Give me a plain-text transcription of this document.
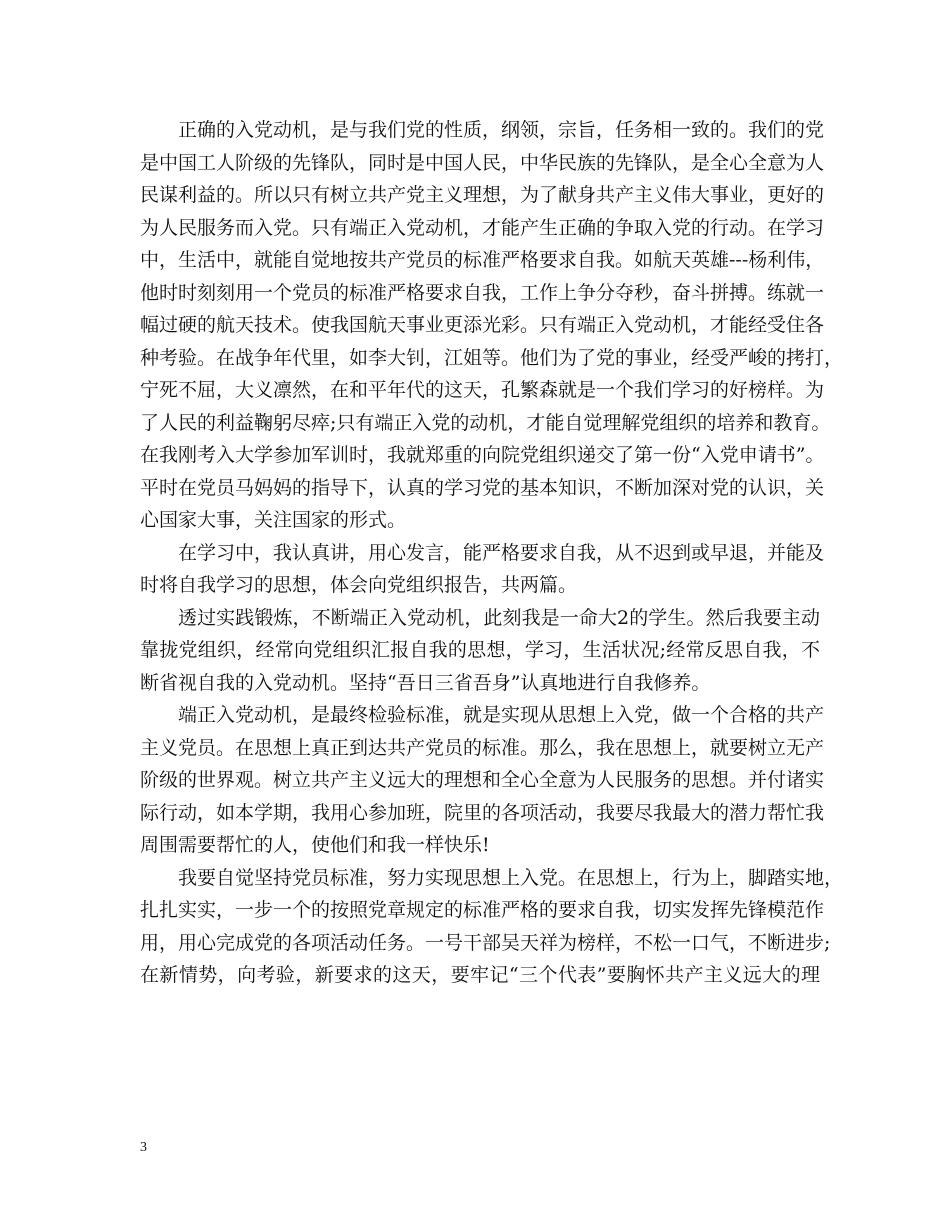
正确的入党动机，是与我们党的性质，纲领，宗旨，任务相一致的。我们的党
是中国工人阶级的先锋队，同时是中国人民，中华民族的先锋队，是全心全意为人
民谋利益的。所以只有树立共产党主义理想，为了献身共产主义伟大事业，更好的
为人民服务而入党。只有端正入党动机，才能产生正确的争取入党的行动。在学习
中，生活中，就能自觉地按共产党员的标准严格要求自我。如航天英雄---杨利伟，
他时时刻刻用一个党员的标准严格要求自我，工作上争分夺秒，奋斗拼搏。练就一
幅过硬的航天技术。使我国航天事业更添光彩。只有端正入党动机，才能经受住各
种考验。在战争年代里，如李大钊，江姐等。他们为了党的事业，经受严峻的拷打，
宁死不屈，大义凛然，在和平年代的这天，孔繁森就是一个我们学习的好榜样。为
了人民的利益鞠躬尽瘁;只有端正入党的动机，才能自觉理解党组织的培养和教育。
在我刚考入大学参加军训时，我就郑重的向院党组织递交了第一份“入党申请书”。
平时在党员马妈妈的指导下，认真的学习党的基本知识，不断加深对党的认识，关
心国家大事，关注国家的形式。
在学习中，我认真讲，用心发言，能严格要求自我，从不迟到或早退，并能及
时将自我学习的思想，体会向党组织报告，共两篇。
透过实践锻炼，不断端正入党动机，此刻我是一命大2的学生。然后我要主动
靠拢党组织，经常向党组织汇报自我的思想，学习，生活状况;经常反思自我，不
断省视自我的入党动机。坚持“吾日三省吾身”认真地进行自我修养。
端正入党动机，是最终检验标准，就是实现从思想上入党，做一个合格的共产
主义党员。在思想上真正到达共产党员的标准。那么，我在思想上，就要树立无产
阶级的世界观。树立共产主义远大的理想和全心全意为人民服务的思想。并付诸实
际行动，如本学期，我用心参加班，院里的各项活动，我要尽我最大的潜力帮忙我
周围需要帮忙的人，使他们和我一样快乐!
我要自觉坚持党员标准，努力实现思想上入党。在思想上，行为上，脚踏实地，
扎扎实实，一步一个的按照党章规定的标准严格的要求自我，切实发挥先锋模范作
用，用心完成党的各项活动任务。一号干部吴天祥为榜样，不松一口气，不断进步;
在新情势，向考验，新要求的这天，要牢记“三个代表”要胸怀共产主义远大的理
3
